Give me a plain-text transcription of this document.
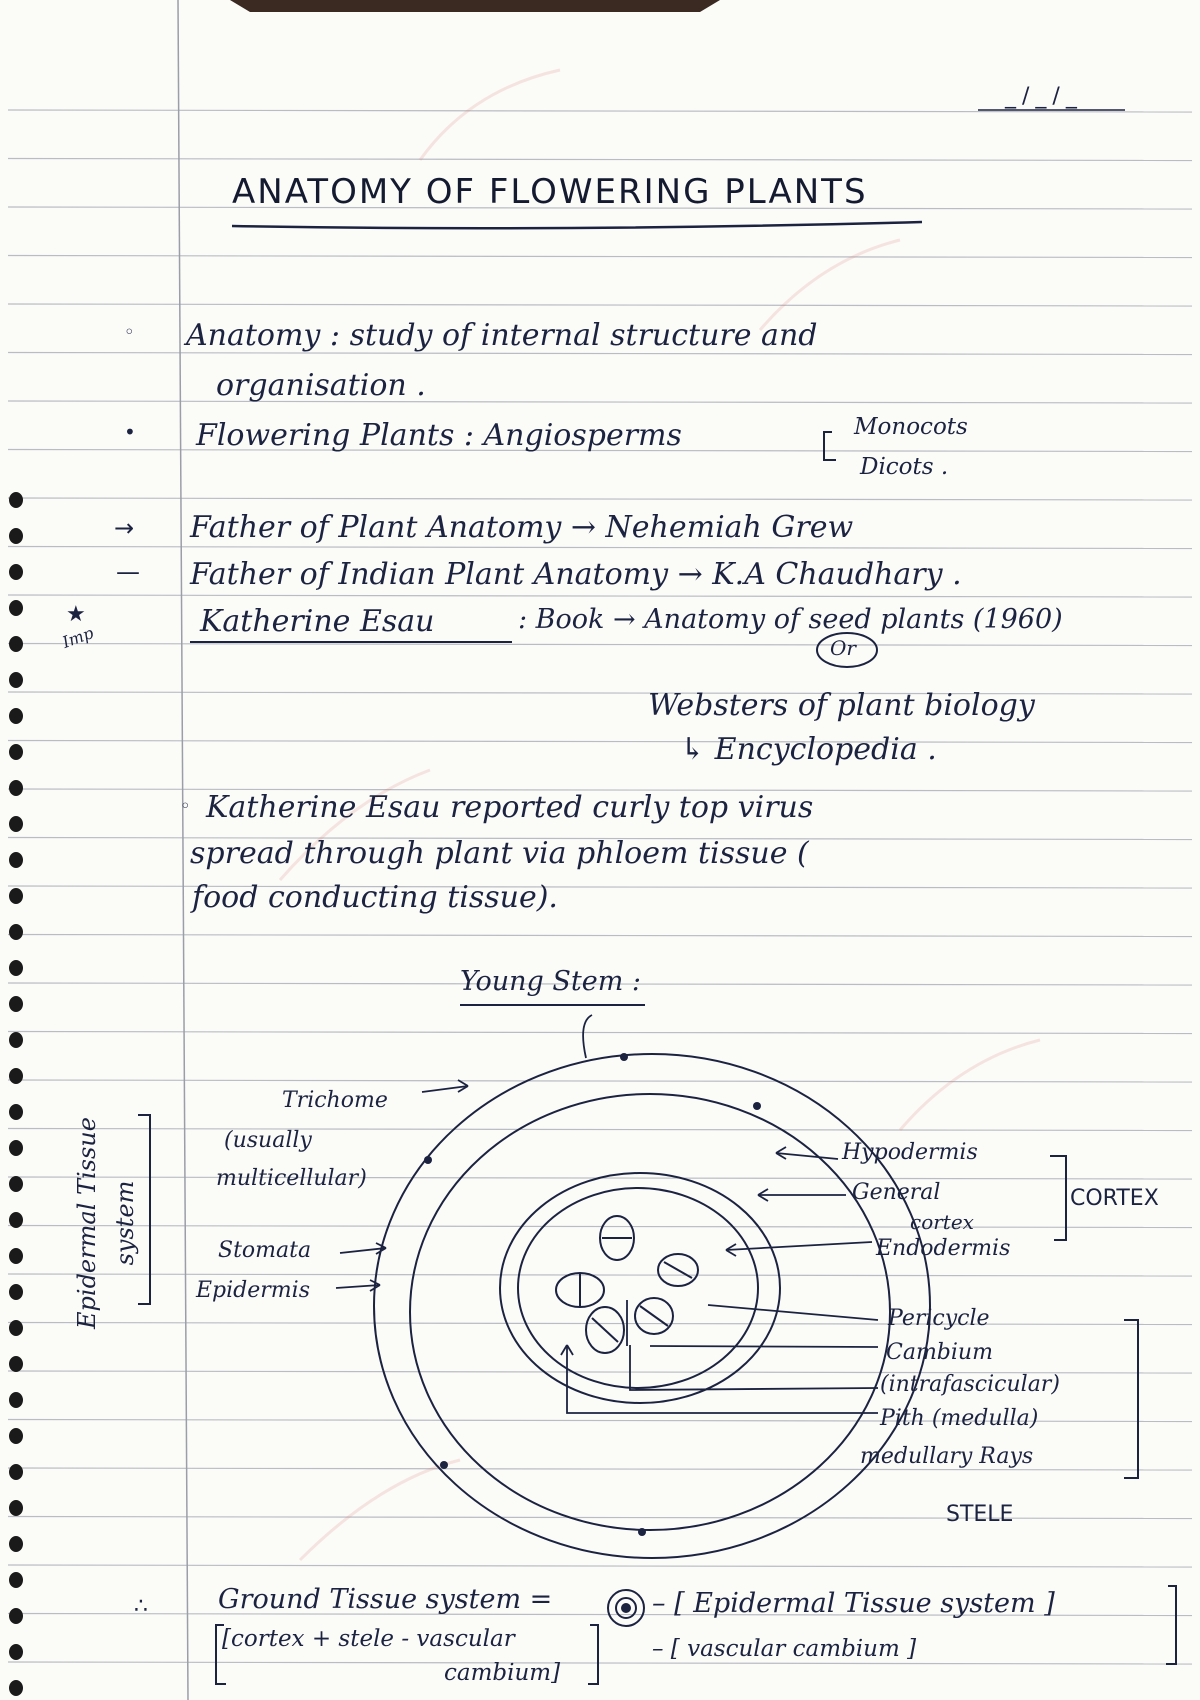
_/_/_
ANATOMY OF FLOWERING PLANTS
◦ Anatomy : study of internal structure and
organisation .
• Flowering Plants : Angiosperms	Monocots
Dicots .
→ Father of Plant Anatomy → Nehemiah Grew
— Father of Indian Plant Anatomy → K.A Chaudhary .
★
Imp	Katherine Esau	: Book → Anatomy of seed plants (1960)
Or
Websters of plant biology
↳ Encyclopedia .
◦ Katherine Esau reported curly top virus
spread through plant via phloem tissue (
food conducting tissue).
Young Stem :
Trichome
(usually
multicellular)
Stomata
Epidermis
Epidermal Tissue system
Hypodermis
General
cortex
Endodermis
CORTEX
Pericycle
Cambium
(intrafascicular)
Pith (medulla)
medullary Rays
STELE
∴	Ground Tissue system =
[cortex + stele - vascular
cambium]
– [ Epidermal Tissue system ]
– [ vascular cambium ]
